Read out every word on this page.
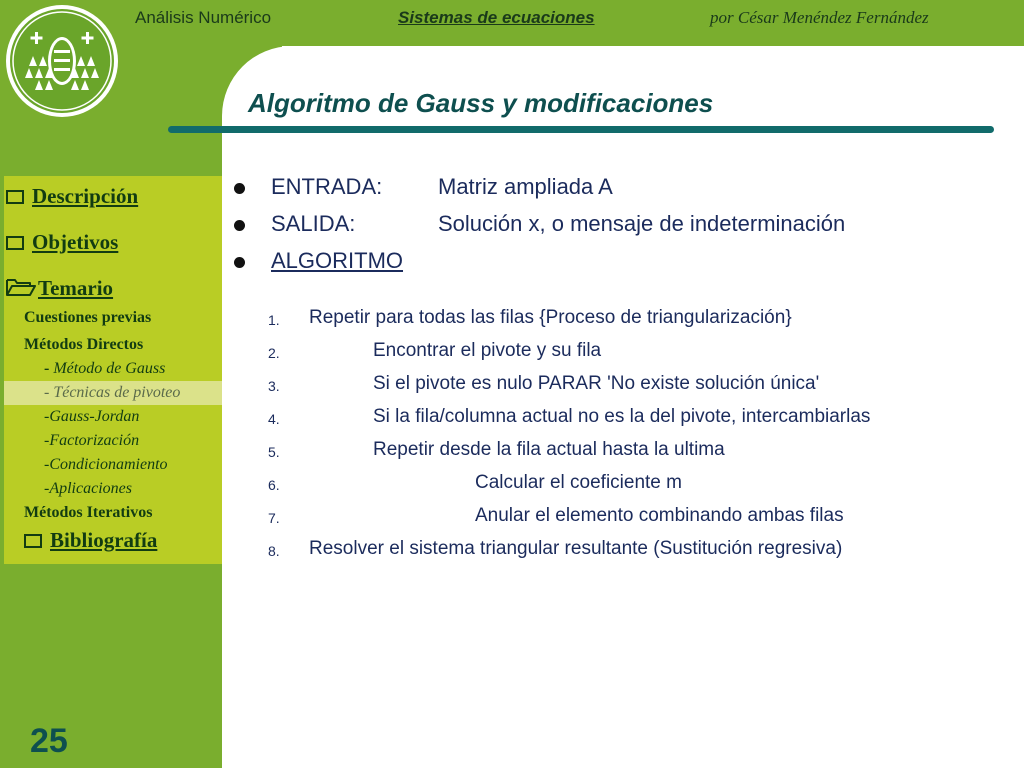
Análisis Numérico	Sistemas de ecuaciones	por César Menéndez Fernández
Algoritmo de Gauss y modificaciones
Descripción
Objetivos
Temario
Cuestiones previas
Métodos Directos
- Método de Gauss
- Técnicas de pivoteo
-Gauss-Jordan
-Factorización
-Condicionamiento
-Aplicaciones
Métodos Iterativos
Bibliografía
25
ENTRADA:	Matriz ampliada A
SALIDA:	Solución x, o mensaje de indeterminación
ALGORITMO
1. Repetir para todas las filas {Proceso de triangularización}
2.	Encontrar el pivote y su fila
3.	Si el pivote es nulo PARAR 'No existe solución única'
4.	Si la fila/columna actual no es la del pivote, intercambiarlas
5.	Repetir desde la fila actual hasta la ultima
6.	Calcular el coeficiente m
7.	Anular el elemento combinando ambas filas
8. Resolver el sistema triangular resultante (Sustitución regresiva)
